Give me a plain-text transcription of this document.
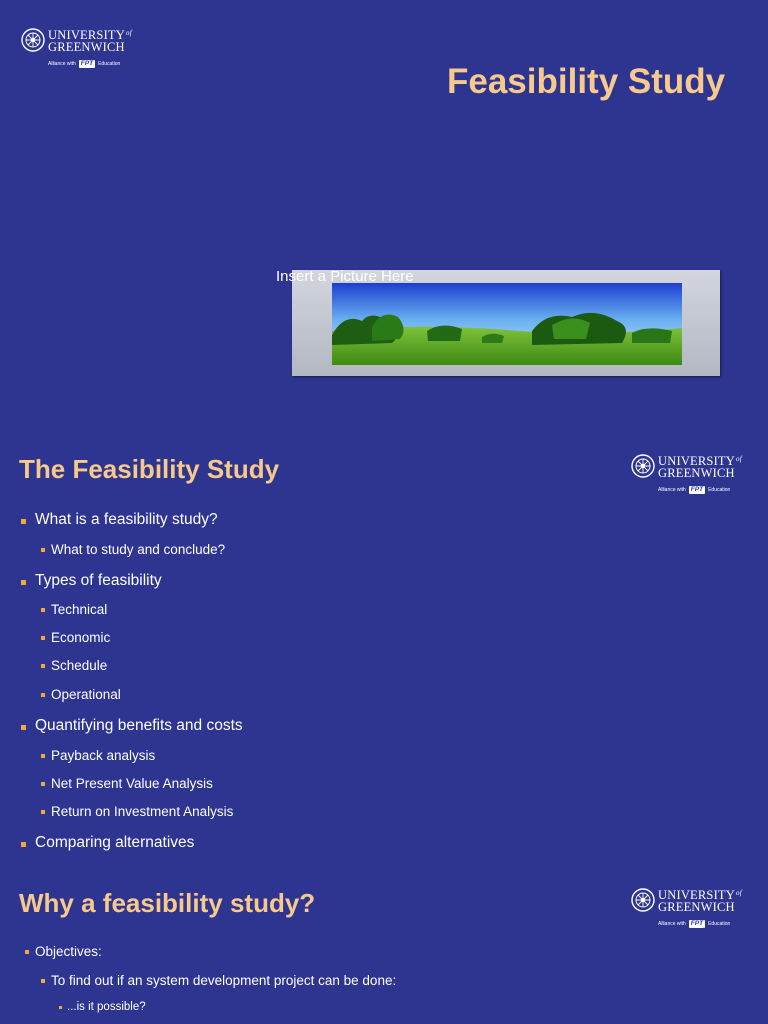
$UNIVERSITY^{of}$
GREENWICH
Alliance with FPT	Education	Feasibility Study
Insert a Picture Here
The Feasibility Study	$UNIVERSITY^{of}$
GREENWICH
Alliance with FPT	Education
What is a feasibility study?
What to study and conclude?
Types of feasibility
Technical
Economic
Schedule
Operational
Quantifying benefits and costs
Payback analysis
Net Present Value Analysis
Return on Investment Analysis
Comparing alternatives
Why a feasibility study?	$UNIVERSITY^{of}$
GREENWICH
Alliance with FPT	Education
Objectives:
To find out if an system development project can be done:
...is it possible?
